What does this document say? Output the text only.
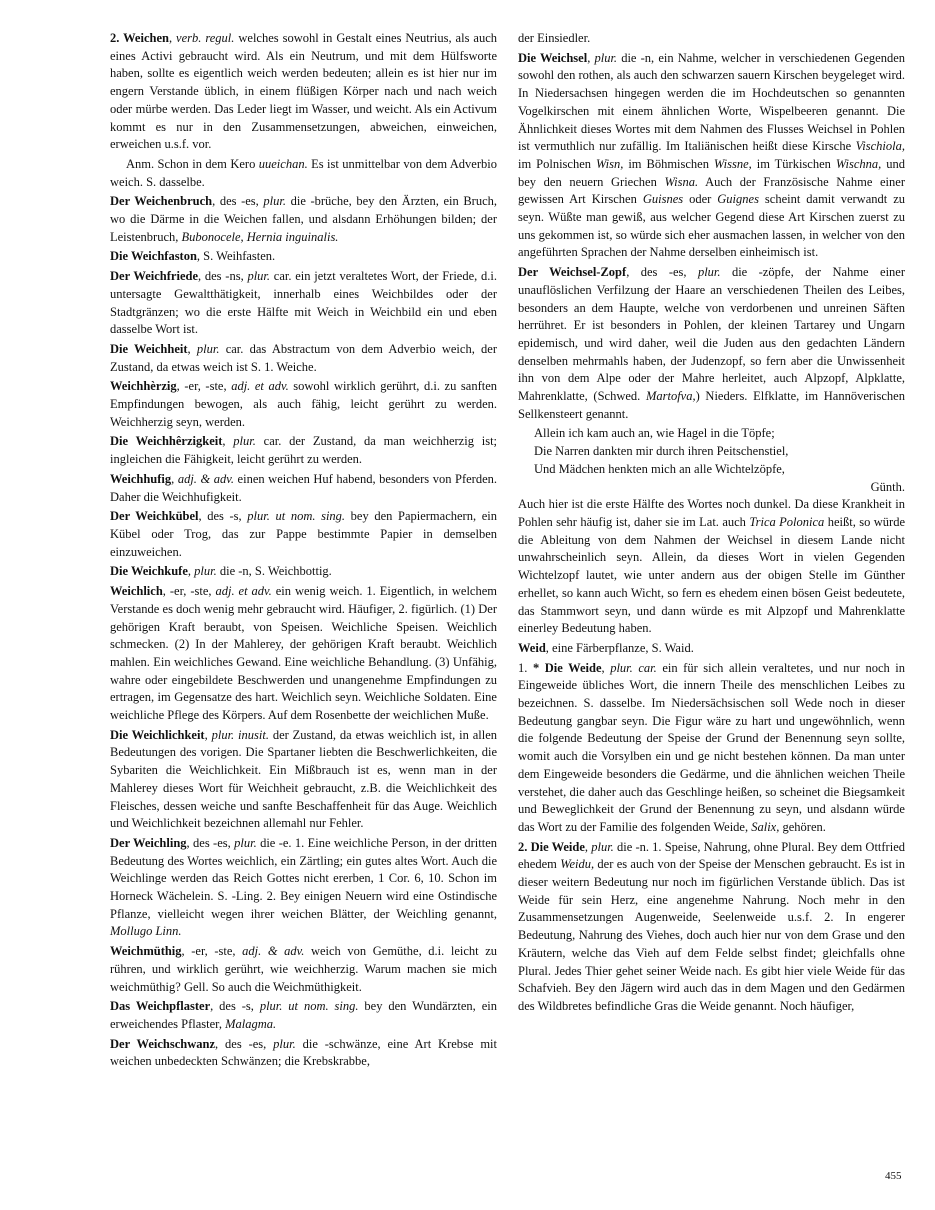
2. Weichen, verb. regul. welches sowohl in Gestalt eines Neutrius, als auch eines Activi gebraucht wird. Als ein Neutrum, und mit dem Hülfsworte haben, sollte es eigentlich weich werden bedeuten; allein es ist hier nur im engern Verstande üblich, in einem flüßigen Körper nach und nach weich oder mürbe werden. Das Leder liegt im Wasser, und weicht. Als ein Activum kommt es nur in den Zusammensetzungen, abweichen, einweichen, erweichen u.s.f. vor.
Anm. Schon in dem Kero uueichan. Es ist unmittelbar von dem Adverbio weich. S. dasselbe.
Der Weichenbruch, des -es, plur. die -brüche, bey den Ärzten, ein Bruch, wo die Därme in die Weichen fallen, und alsdann Erhöhungen bilden; der Leistenbruch, Bubonocele, Hernia inguinalis.
Die Weichfaston, S. Weihfasten.
Der Weichfriede, des -ns, plur. car. ein jetzt veraltetes Wort, der Friede, d.i. untersagte Gewaltthätigkeit, innerhalb eines Weichbildes oder der Stadtgränzen; wo die erste Hälfte mit Weich in Weichbild ein und eben dasselbe Wort ist.
Die Weichheit, plur. car. das Abstractum von dem Adverbio weich, der Zustand, da etwas weich ist S. 1. Weiche.
Weichhèrzig, -er, -ste, adj. et adv. sowohl wirklich gerührt, d.i. zu sanften Empfindungen bewogen, als auch fähig, leicht gerührt zu werden. Weichherzig seyn, werden.
Die Weichhêrzigkeit, plur. car. der Zustand, da man weichherzig ist; ingleichen die Fähigkeit, leicht gerührt zu werden.
Weichhufig, adj. & adv. einen weichen Huf habend, besonders von Pferden. Daher die Weichhufigkeit.
Der Weichkübel, des -s, plur. ut nom. sing. bey den Papiermachern, ein Kübel oder Trog, das zur Pappe bestimmte Papier in demselben einzuweichen.
Die Weichkufe, plur. die -n, S. Weichbottig.
Weichlich, -er, -ste, adj. et adv. ein wenig weich. 1. Eigentlich, in welchem Verstande es doch wenig mehr gebraucht wird. Häufiger, 2. figürlich. (1) Der gehörigen Kraft beraubt, von Speisen. Weichliche Speisen. Weichlich schmecken. (2) In der Mahlerey, der gehörigen Kraft beraubt. Weichlich mahlen. Ein weichliches Gewand. Eine weichliche Behandlung. (3) Unfähig, wahre oder eingebildete Beschwerden und unangenehme Empfindungen zu ertragen, im Gegensatze des hart. Weichlich seyn. Weichliche Soldaten. Eine weichliche Pflege des Körpers. Auf dem Rosenbette der weichlichen Muße.
Die Weichlichkeit, plur. inusit. der Zustand, da etwas weichlich ist, in allen Bedeutungen des vorigen. Die Spartaner liebten die Beschwerlichkeiten, die Sybariten die Weichlichkeit. Ein Mißbrauch ist es, wenn man in der Mahlerey dieses Wort für Weichheit gebraucht, z.B. die Weichlichkeit des Fleisches, dessen weiche und sanfte Beschaffenheit für das Auge. Weichlich und Weichlichkeit bezeichnen allemahl nur Fehler.
Der Weichling, des -es, plur. die -e. 1. Eine weichliche Person, in der dritten Bedeutung des Wortes weichlich, ein Zärtling; ein gutes altes Wort. Auch die Weichlinge werden das Reich Gottes nicht ererben, 1 Cor. 6, 10. Schon im Horneck Wächelein. S. -Ling. 2. Bey einigen Neuern wird eine Ostindische Pflanze, vielleicht wegen ihrer weichen Blätter, der Weichling genannt, Mollugo Linn.
Weichmüthig, -er, -ste, adj. & adv. weich von Gemüthe, d.i. leicht zu rühren, und wirklich gerührt, wie weichherzig. Warum machen sie mich weichmüthig? Gell. So auch die Weichmüthigkeit.
Das Weichpflaster, des -s, plur. ut nom. sing. bey den Wundärzten, ein erweichendes Pflaster, Malagma.
Der Weichschwanz, des -es, plur. die -schwänze, eine Art Krebse mit weichen unbedeckten Schwänzen; die Krebskrabbe,
der Einsiedler.
Die Weichsel, plur. die -n, ein Nahme, welcher in verschiedenen Gegenden sowohl den rothen, als auch den schwarzen sauern Kirschen beygeleget wird. In Niedersachsen hingegen werden die im Hochdeutschen so genannten Vogelkirschen mit einem ähnlichen Worte, Wispelbeeren genannt. Die Ähnlichkeit dieses Wortes mit dem Nahmen des Flusses Weichsel in Pohlen ist vermuthlich nur zufällig. Im Italiänischen heißt diese Kirsche Vischiola, im Polnischen Wisn, im Böhmischen Wissne, im Türkischen Wischna, und bey den neuern Griechen Wisna. Auch der Französische Nahme einer gewissen Art Kirschen Guisnes oder Guignes scheint damit verwandt zu seyn. Wüßte man gewiß, aus welcher Gegend diese Art Kirschen zuerst zu uns gekommen ist, so würde sich eher ausmachen lassen, in welcher von den angeführten Sprachen der Nahme derselben einheimisch ist.
Der Weichsel-Zopf, des -es, plur. die -zöpfe, der Nahme einer unauflöslichen Verfilzung der Haare an verschiedenen Theilen des Leibes, besonders an dem Haupte, welche von verdorbenen und unreinen Säften herrühret. Er ist besonders in Pohlen, der kleinen Tartarey und Ungarn epidemisch, und wird daher, weil die Juden aus den gedachten Ländern denselben mehrmahls haben, der Judenzopf, so fern aber die Unwissenheit ihn von dem Alpe oder der Mahre herleitet, auch Alpzopf, Alpklatte, Mahrenklatte, (Schwed. Martofva,) Nieders. Elfklatte, im Hannöverischen Sellkensteert genannt.
Allein ich kam auch an, wie Hagel in die Töpfe;
Die Narren dankten mir durch ihren Peitschenstiel,
Und Mädchen henkten mich an alle Wichtelzöpfe,
Günth.
Auch hier ist die erste Hälfte des Wortes noch dunkel. Da diese Krankheit in Pohlen sehr häufig ist, daher sie im Lat. auch Trica Polonica heißt, so würde die Ableitung von dem Nahmen der Weichsel in diesem Lande nicht unwahrscheinlich seyn. Allein, da dieses Wort in vielen Gegenden Wichtelzopf lautet, wie unter andern aus der obigen Stelle im Günther erhellet, so kann auch Wicht, so fern es ehedem einen bösen Geist bedeutete, das Stammwort seyn, und dann würde es mit Alpzopf und Mahrenklatte einerley Bedeutung haben.
Weid, eine Färberpflanze, S. Waid.
1. * Die Weide, plur. car. ein für sich allein veraltetes, und nur noch in Eingeweide übliches Wort, die innern Theile des menschlichen Leibes zu bezeichnen. S. dasselbe. Im Niedersächsischen soll Wede noch in dieser Bedeutung gangbar seyn. Die Figur wäre zu hart und ungewöhnlich, wenn die folgende Bedeutung der Speise der Grund der Benennung seyn sollte, womit auch die Vorsylben ein und ge nicht bestehen können. Da man unter dem Eingeweide besonders die Gedärme, und die ähnlichen weichen Theile verstehet, die daher auch das Geschlinge heißen, so scheinet die Biegsamkeit und Beweglichkeit der Grund der Benennung zu seyn, und alsdann würde das Wort zu der Familie des folgenden Weide, Salix, gehören.
2. Die Weide, plur. die -n. 1. Speise, Nahrung, ohne Plural. Bey dem Ottfried ehedem Weidu, der es auch von der Speise der Menschen gebraucht. Es ist in dieser weitern Bedeutung nur noch im figürlichen Verstande üblich. Das ist Weide für sein Herz, eine angenehme Nahrung. Noch mehr in den Zusammensetzungen Augenweide, Seelenweide u.s.f. 2. In engerer Bedeutung, Nahrung des Viehes, doch auch hier nur von dem Grase und den Kräutern, welche das Vieh auf dem Felde selbst findet; gleichfalls ohne Plural. Jedes Thier gehet seiner Weide nach. Es gibt hier viele Weide für das Schafvieh. Bey den Jägern wird auch das in dem Magen und den Gedärmen des Wildbretes befindliche Gras die Weide genannt. Noch häufiger,
455
